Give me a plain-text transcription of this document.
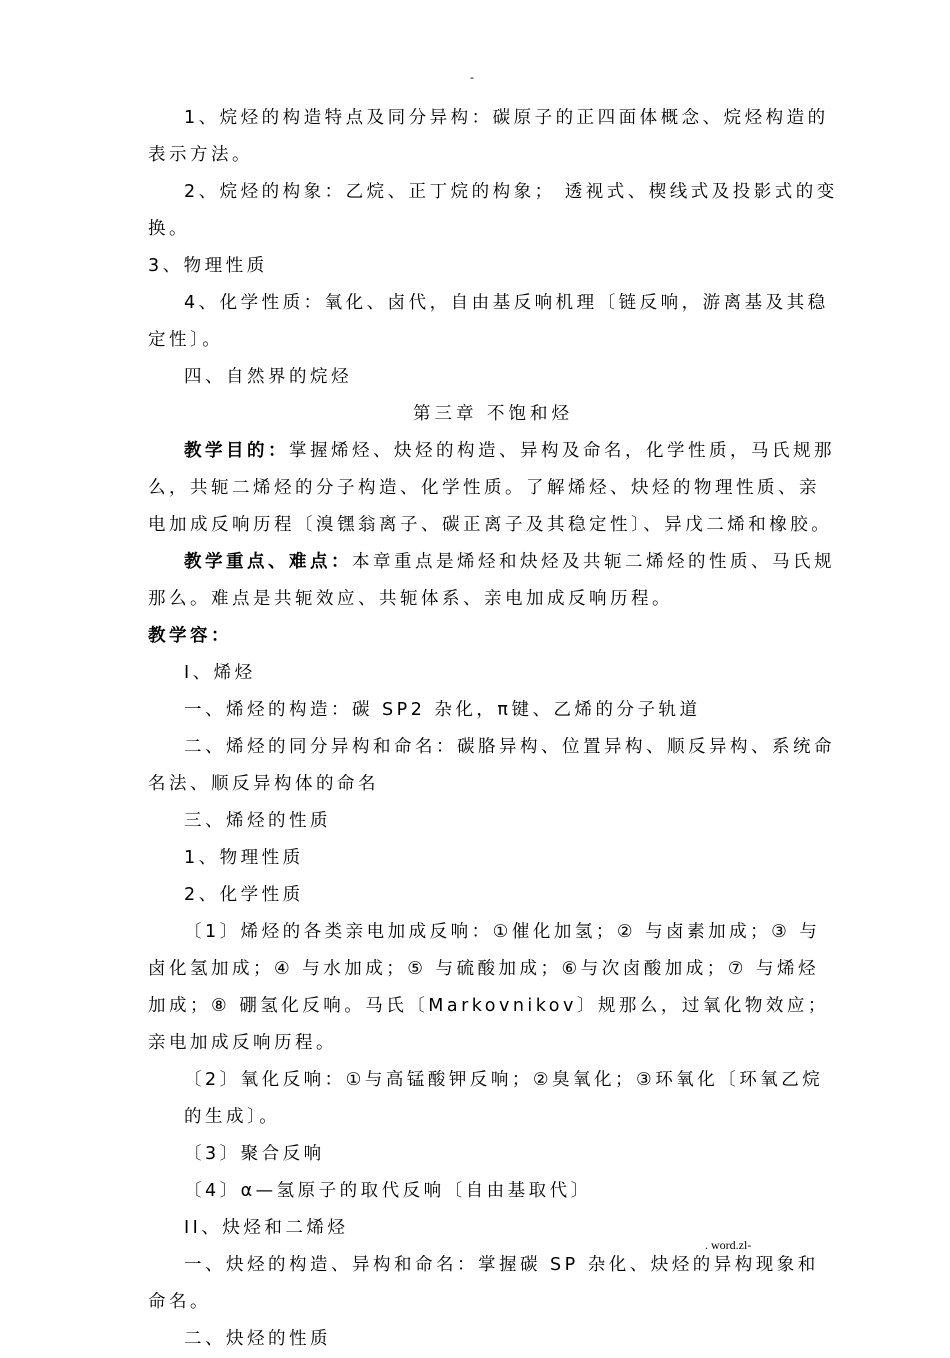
-

1、烷烃的构造特点及同分异构：碳原子的正四面体概念、烷烃构造的表示方法。

2、烷烃的构象：乙烷、正丁烷的构象； 透视式、楔线式及投影式的变换。

3、物理性质

4、化学性质：氧化、卤代，自由基反响机理〔链反响，游离基及其稳定性〕。

四、自然界的烷烃

第三章 不饱和烃

教学目的：掌握烯烃、炔烃的构造、异构及命名，化学性质，马氏规那么，共轭二烯烃的分子构造、化学性质。了解烯烃、炔烃的物理性质、亲电加成反响历程〔溴𬭶翁离子、碳正离子及其稳定性〕、异戊二烯和橡胶。

教学重点、难点：本章重点是烯烃和炔烃及共轭二烯烃的性质、马氏规那么。难点是共轭效应、共轭体系、亲电加成反响历程。

教学容：

I、烯烃

一、烯烃的构造：碳 SP2 杂化，π键、乙烯的分子轨道

二、烯烃的同分异构和命名：碳胳异构、位置异构、顺反异构、系统命名法、顺反异构体的命名

三、烯烃的性质

1、物理性质

2、化学性质

〔1〕烯烃的各类亲电加成反响：①催化加氢；② 与卤素加成；③ 与卤化氢加成；④ 与水加成；⑤ 与硫酸加成；⑥与次卤酸加成；⑦ 与烯烃加成；⑧ 硼氢化反响。马氏〔Markovnikov〕规那么，过氧化物效应；亲电加成反响历程。

〔2〕氧化反响：①与高锰酸钾反响；②臭氧化；③环氧化〔环氧乙烷的生成〕。

〔3〕聚合反响

〔4〕α—氢原子的取代反响〔自由基取代〕

II、炔烃和二烯烃

一、炔烃的构造、异构和命名：掌握碳 SP 杂化、炔烃的异构现象和命名。

二、炔烃的性质

. word.zl-
